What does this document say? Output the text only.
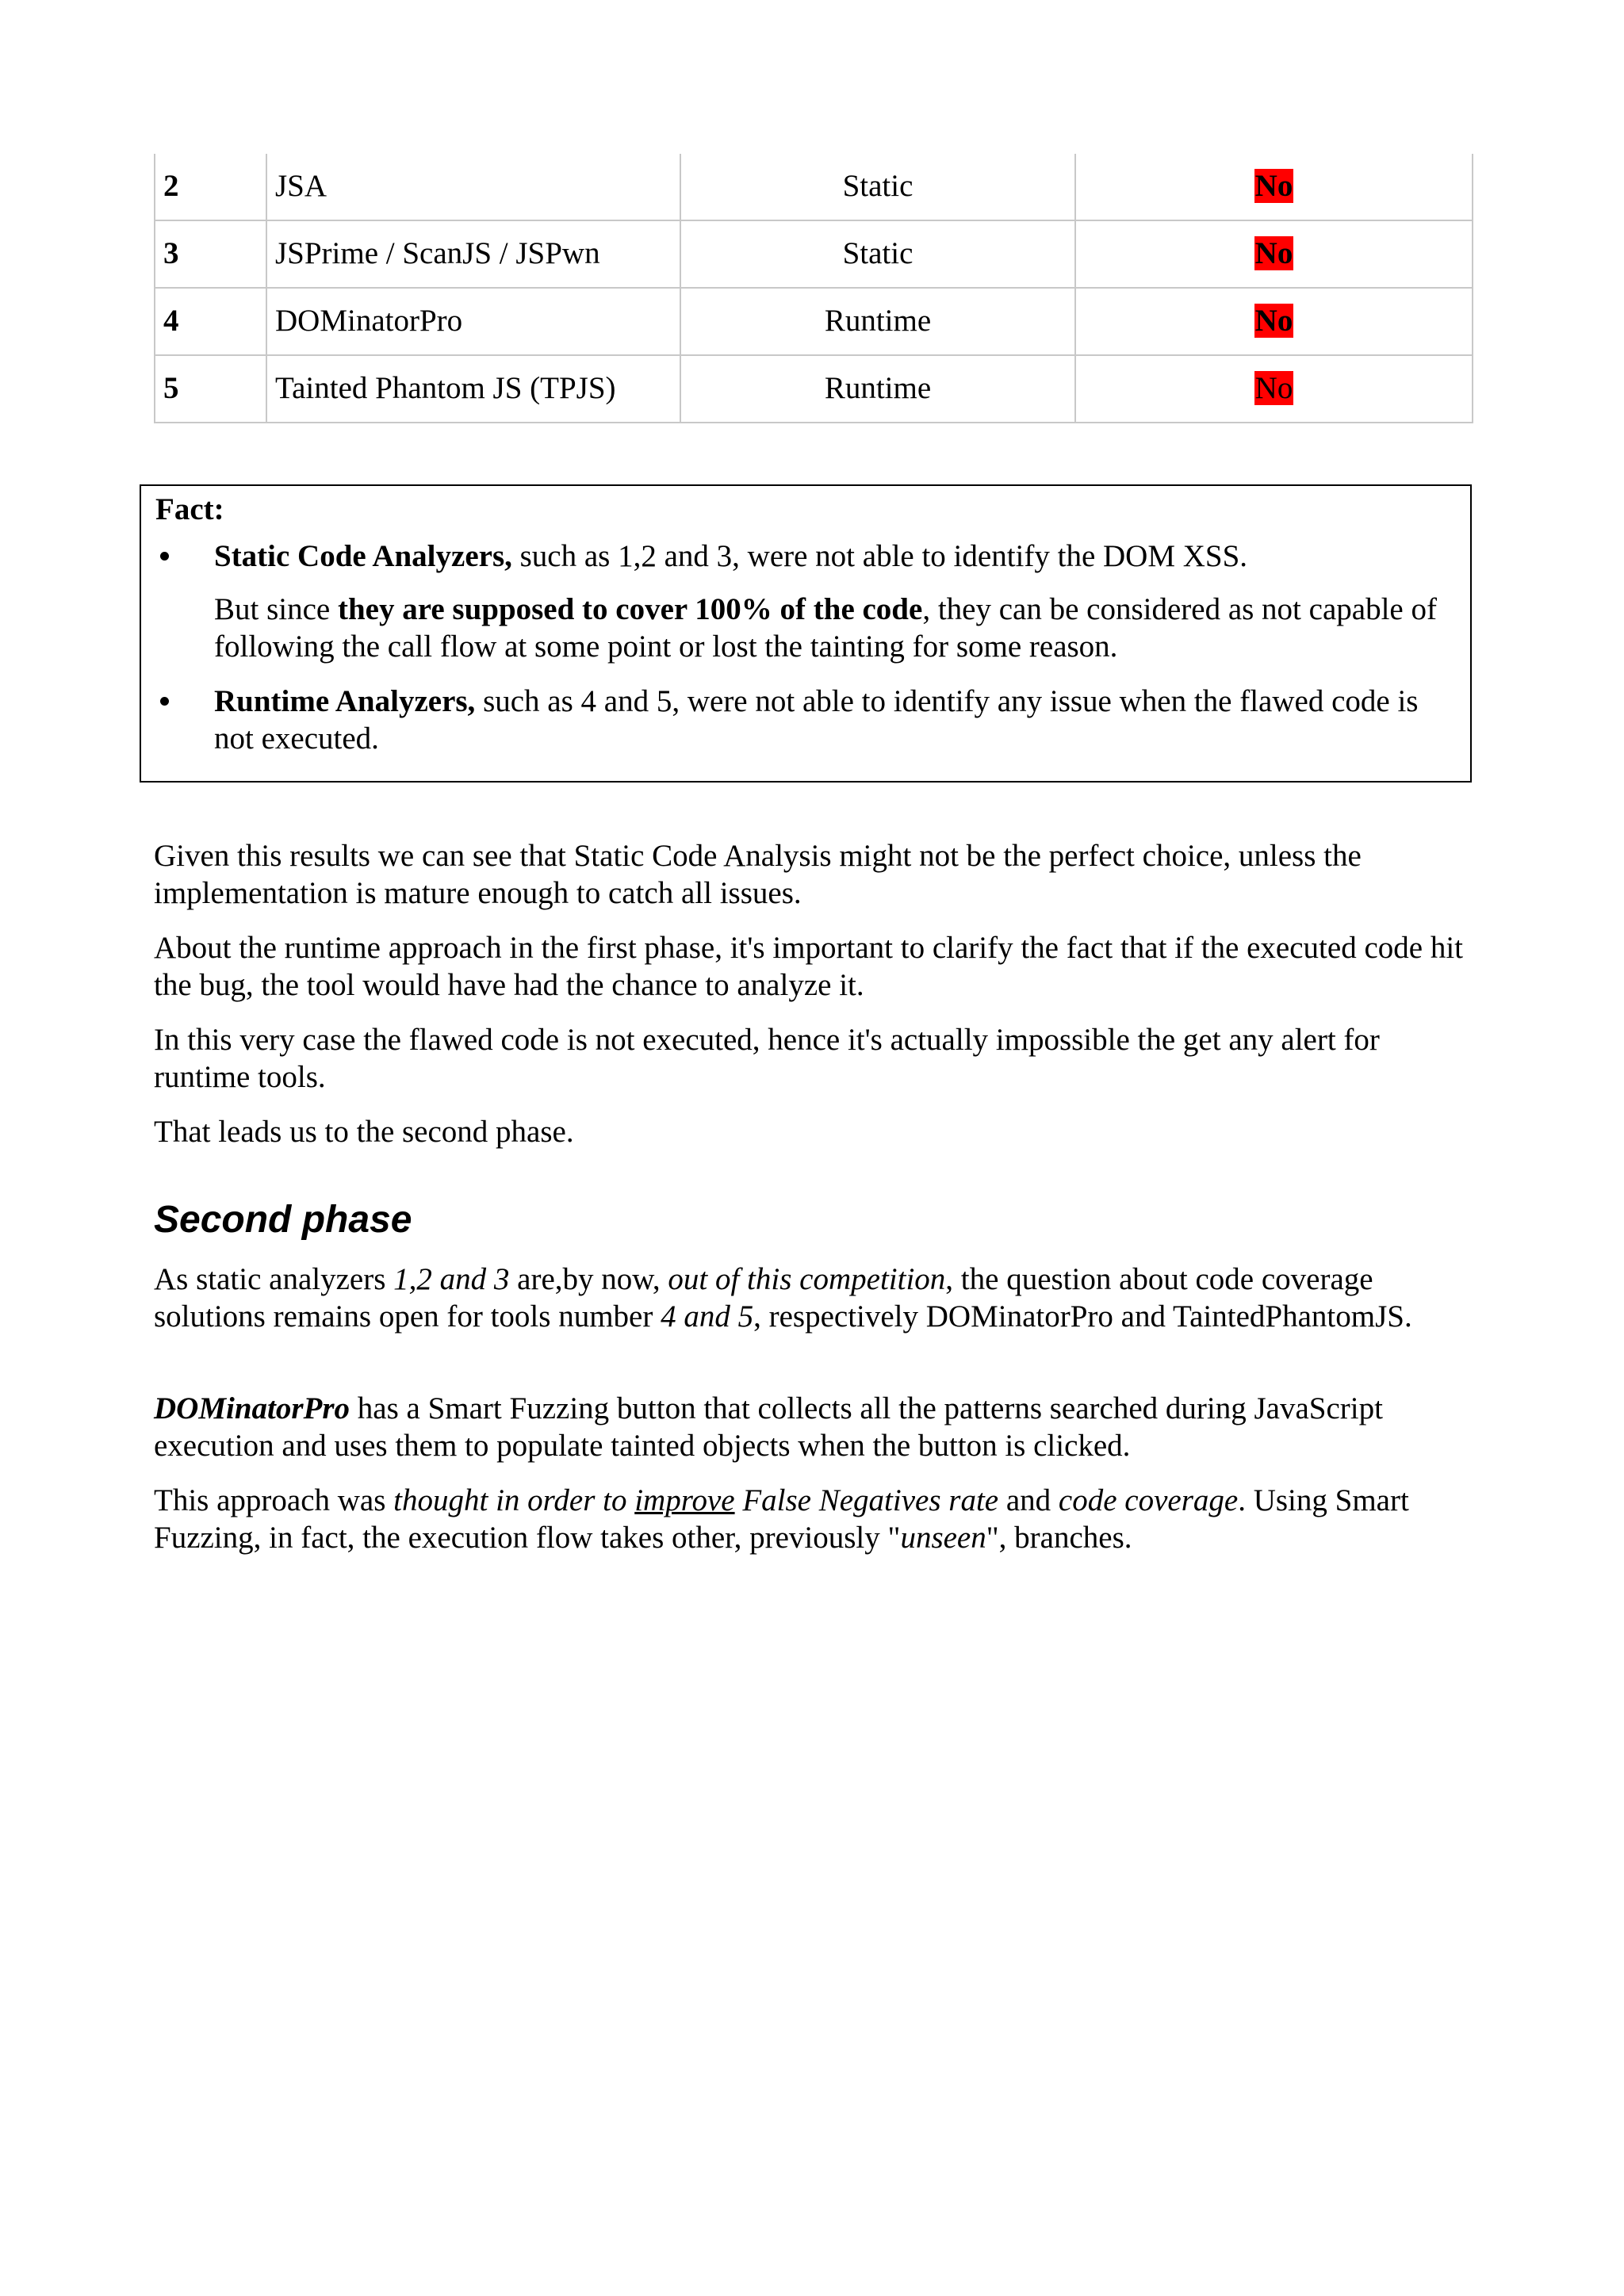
2	JSA	Static	No
3	JSPrime / ScanJS / JSPwn	Static	No
4	DOMinatorPro	Runtime	No
5	Tainted Phantom JS (TPJS)	Runtime	No

Fact:

Static Code Analyzers, such as 1,2 and 3, were not able to identify the DOM XSS.

But since they are supposed to cover 100% of the code, they can be considered as not capable of following the call flow at some point or lost the tainting for some reason.

Runtime Analyzers, such as 4 and 5, were not able to identify any issue when the flawed code is not executed.

Given this results we can see that Static Code Analysis might not be the perfect choice, unless the implementation is mature enough to catch all issues.

About the runtime approach in the first phase, it's important to clarify the fact that if the executed code hit the bug, the tool would have had the chance to analyze it.

In this very case the flawed code is not executed, hence it's actually impossible the get any alert for runtime tools.

That leads us to the second phase.

Second phase

As static analyzers 1,2 and 3 are,by now, out of this competition, the question about code coverage solutions remains open for tools number 4 and 5, respectively DOMinatorPro and TaintedPhantomJS.

DOMinatorPro has a Smart Fuzzing button that collects all the patterns searched during JavaScript execution and uses them to populate tainted objects when the button is clicked.

This approach was thought in order to improve False Negatives rate and code coverage. Using Smart Fuzzing, in fact, the execution flow takes other, previously "unseen", branches.
